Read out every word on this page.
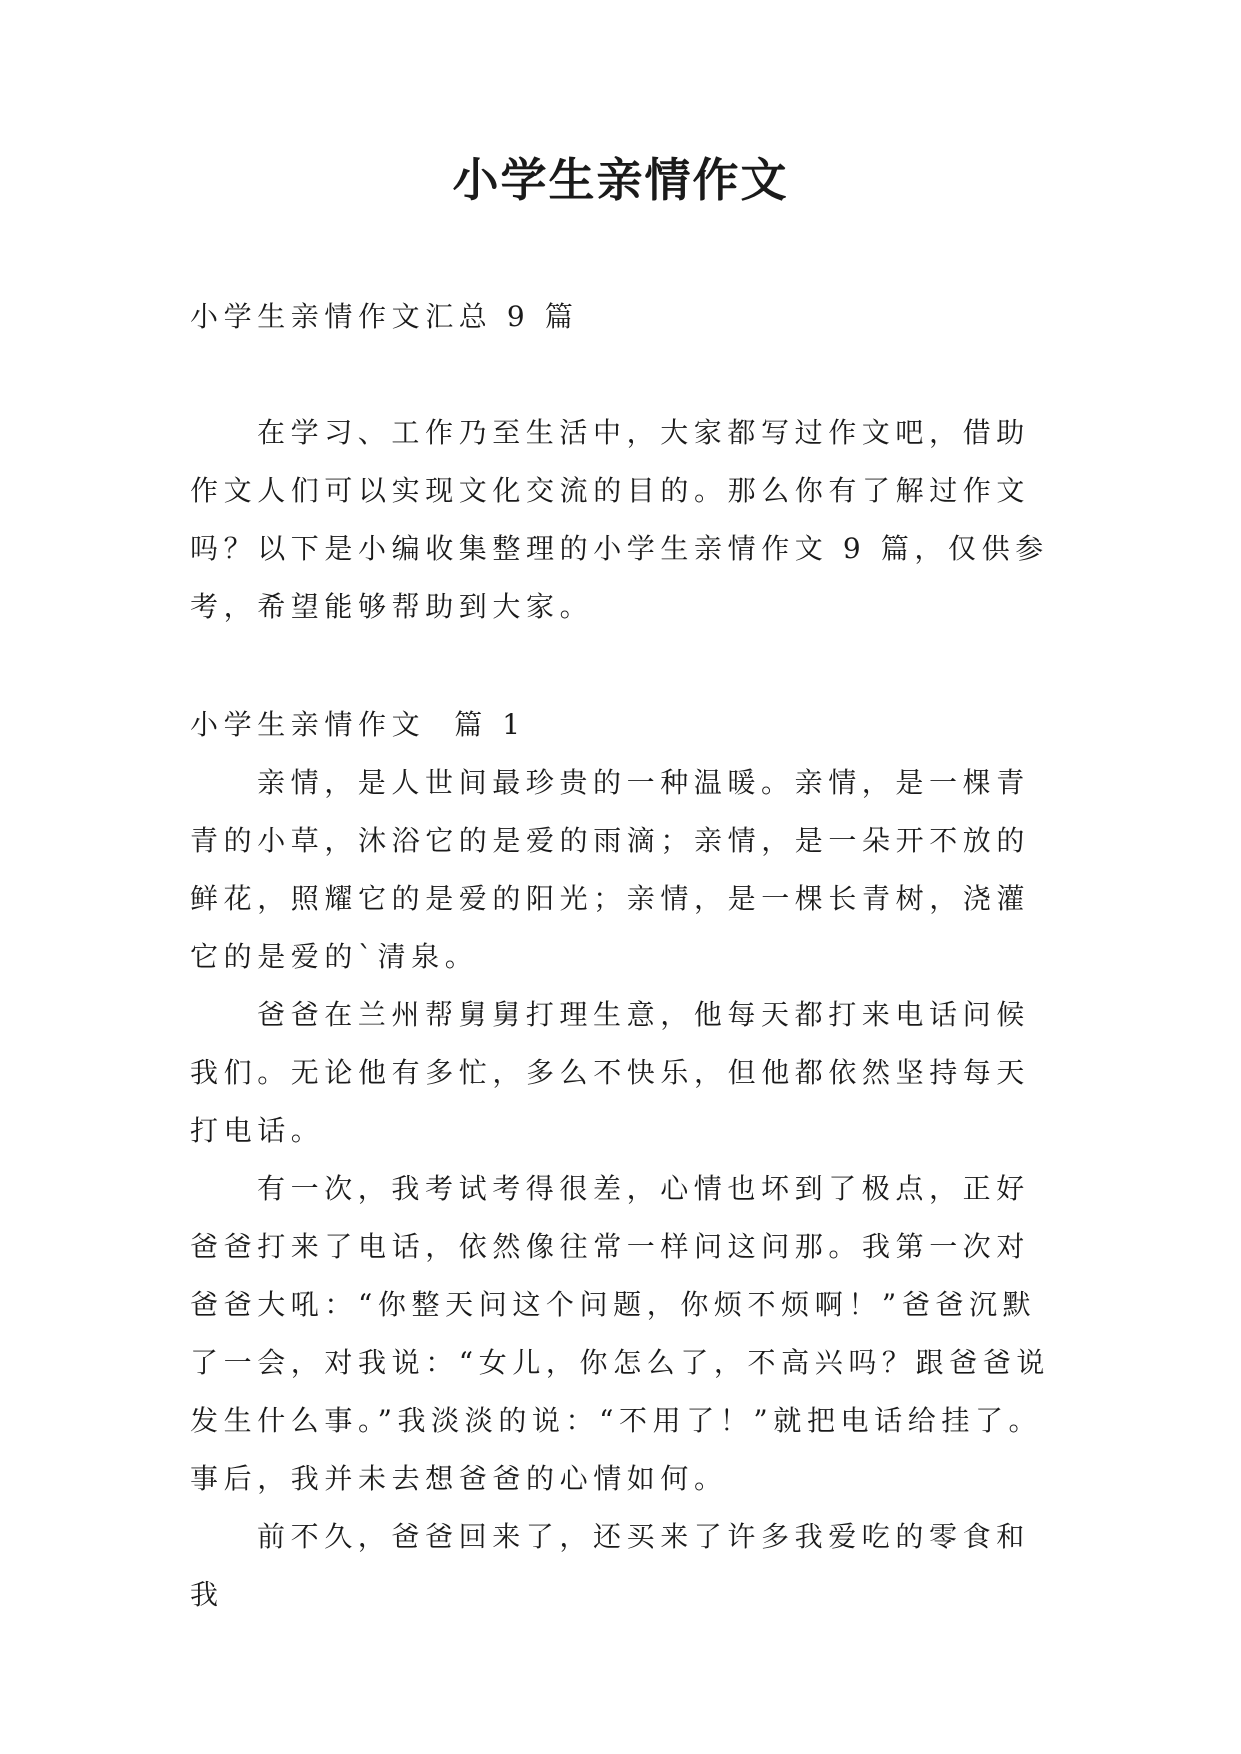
小学生亲情作文

小学生亲情作文汇总 9 篇

在学习、工作乃至生活中，大家都写过作文吧，借助作文人们可以实现文化交流的目的。那么你有了解过作文吗？以下是小编收集整理的小学生亲情作文 9 篇，仅供参考，希望能够帮助到大家。

小学生亲情作文  篇 1

亲情，是人世间最珍贵的一种温暖。亲情，是一棵青青的小草，沐浴它的是爱的雨滴；亲情，是一朵开不放的鲜花，照耀它的是爱的阳光；亲情，是一棵长青树，浇灌它的是爱的`清泉。

爸爸在兰州帮舅舅打理生意，他每天都打来电话问候我们。无论他有多忙，多么不快乐，但他都依然坚持每天打电话。

有一次，我考试考得很差，心情也坏到了极点，正好爸爸打来了电话，依然像往常一样问这问那。我第一次对爸爸大吼：“你整天问这个问题，你烦不烦啊！”爸爸沉默了一会，对我说：“女儿，你怎么了，不高兴吗？跟爸爸说发生什么事。”我淡淡的说：“不用了！”就把电话给挂了。事后，我并未去想爸爸的心情如何。

前不久，爸爸回来了，还买来了许多我爱吃的零食和我
